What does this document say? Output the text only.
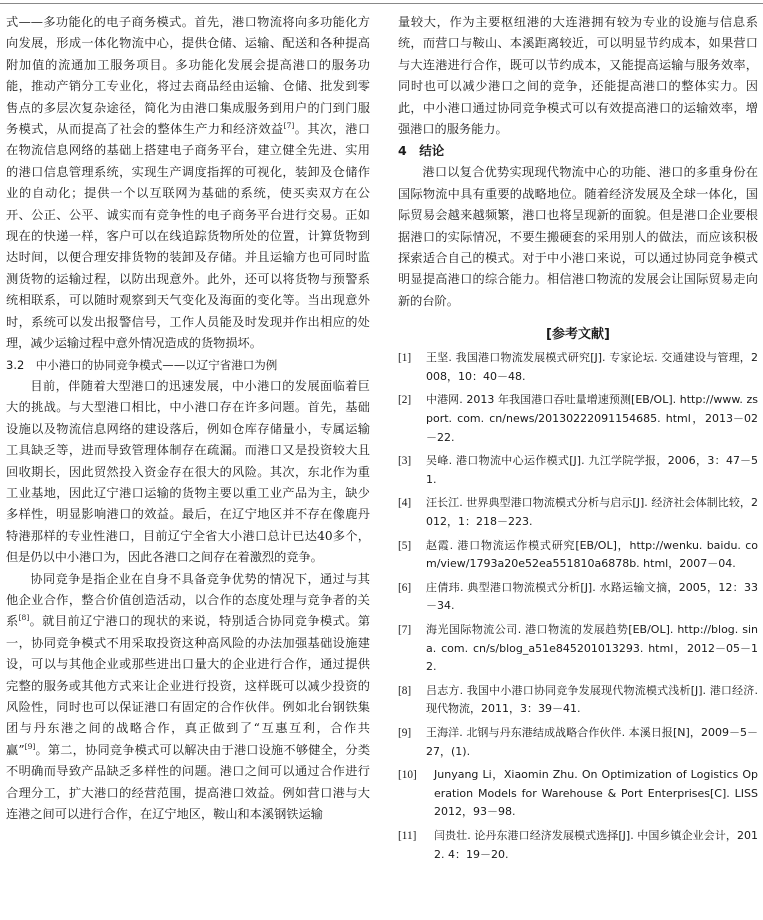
式——多功能化的电子商务模式。首先，港口物流将向多功能化方向发展，形成一体化物流中心，提供仓储、运输、配送和各种提高附加值的流通加工服务项目。多功能化发展会提高港口的服务功能，推动产销分工专业化，将过去商品经由运输、仓储、批发到零售点的多层次复杂途径，简化为由港口集成服务到用户的门到门服务模式，从而提高了社会的整体生产力和经济效益[7]。其次，港口在物流信息网络的基础上搭建电子商务平台，建立健全先进、实用的港口信息管理系统，实现生产调度指挥的可视化，装卸及仓储作业的自动化；提供一个以互联网为基础的系统，使买卖双方在公开、公正、公平、诚实而有竞争性的电子商务平台进行交易。正如现在的快递一样，客户可以在线追踪货物所处的位置，计算货物到达时间，以便合理安排货物的装卸及存储。并且运输方也可同时监测货物的运输过程，以防出现意外。此外，还可以将货物与预警系统相联系，可以随时观察到天气变化及海面的变化等。当出现意外时，系统可以发出报警信号，工作人员能及时发现并作出相应的处理，减少运输过程中意外情况造成的货物损坏。

3.2　中小港口的协同竞争模式——以辽宁省港口为例

目前，伴随着大型港口的迅速发展，中小港口的发展面临着巨大的挑战。与大型港口相比，中小港口存在许多问题。首先，基础设施以及物流信息网络的建设落后，例如仓库存储量小，专属运输工具缺乏等，进而导致管理体制存在疏漏。而港口又是投资较大且回收期长，因此贸然投入资金存在很大的风险。其次，东北作为重工业基地，因此辽宁港口运输的货物主要以重工业产品为主，缺少多样性，明显影响港口的效益。最后，在辽宁地区并不存在像鹿丹特港那样的专业性港口，目前辽宁全省大小港口总计已达40多个，但是仍以中小港口为，因此各港口之间存在着激烈的竞争。

协同竞争是指企业在自身不具备竞争优势的情况下，通过与其他企业合作，整合价值创造活动，以合作的态度处理与竞争者的关系[8]。就目前辽宁港口的现状的来说，特别适合协同竞争模式。第一，协同竞争模式不用采取投资这种高风险的办法加强基础设施建设，可以与其他企业或那些进出口量大的企业进行合作，通过提供完整的服务或其他方式来让企业进行投资，这样既可以减少投资的风险性，同时也可以保证港口有固定的合作伙伴。例如北台钢铁集团与丹东港之间的战略合作，真正做到了“互惠互利，合作共赢”[9]。第二，协同竞争模式可以解决由于港口设施不够健全，分类不明确而导致产品缺乏多样性的问题。港口之间可以通过合作进行合理分工，扩大港口的经营范围，提高港口效益。例如营口港与大连港之间可以进行合作，在辽宁地区，鞍山和本溪钢铁运输

量较大，作为主要枢纽港的大连港拥有较为专业的设施与信息系统，而营口与鞍山、本溪距离较近，可以明显节约成本，如果营口与大连港进行合作，既可以节约成本，又能提高运输与服务效率，同时也可以减少港口之间的竞争，还能提高港口的整体实力。因此，中小港口通过协同竞争模式可以有效提高港口的运输效率，增强港口的服务能力。

4　结论

港口以复合优势实现现代物流中心的功能、港口的多重身份在国际物流中具有重要的战略地位。随着经济发展及全球一体化，国际贸易会越来越频繁，港口也将呈现新的面貌。但是港口企业要根据港口的实际情况，不要生搬硬套的采用别人的做法，而应该积极探索适合自己的模式。对于中小港口来说，可以通过协同竞争模式明显提高港口的综合能力。相信港口物流的发展会让国际贸易走向新的台阶。

[参考文献]
[1]	王坚. 我国港口物流发展模式研究[J]. 专家论坛. 交通建设与管理，2008，10：40－48.
[2]	中港网. 2013 年我国港口吞吐量增速预测[EB/OL]. http://www. zsport. com. cn/news/20130222091154685. html，2013－02－22.
[3]	吴峰. 港口物流中心运作模式[J]. 九江学院学报，2006，3：47－51.
[4]	汪长江. 世界典型港口物流模式分析与启示[J]. 经济社会体制比较，2012，1：218－223.
[5]	赵霞. 港口物流运作模式研究[EB/OL]，http://wenku. baidu. com/view/1793a20e52ea551810a6878b. html，2007－04.
[6]	庄倩玮. 典型港口物流模式分析[J]. 水路运输文摘，2005，12：33－34.
[7]	海光国际物流公司. 港口物流的发展趋势[EB/OL]. http://blog. sina. com. cn/s/blog_a51e845201013293. html，2012－05－12.
[8]	吕志方. 我国中小港口协同竞争发展现代物流模式浅析[J]. 港口经济. 现代物流，2011，3：39－41.
[9]	王海洋. 北钢与丹东港结成战略合作伙伴. 本溪日报[N]，2009－5－27，(1).
[10]	Junyang Li，Xiaomin Zhu. On Optimization of Logistics Operation Models for Warehouse & Port Enterprises[C]. LISS 2012，93－98.
[11]	闫贵壮. 论丹东港口经济发展模式选择[J]. 中国乡镇企业会计，2012. 4：19－20.
